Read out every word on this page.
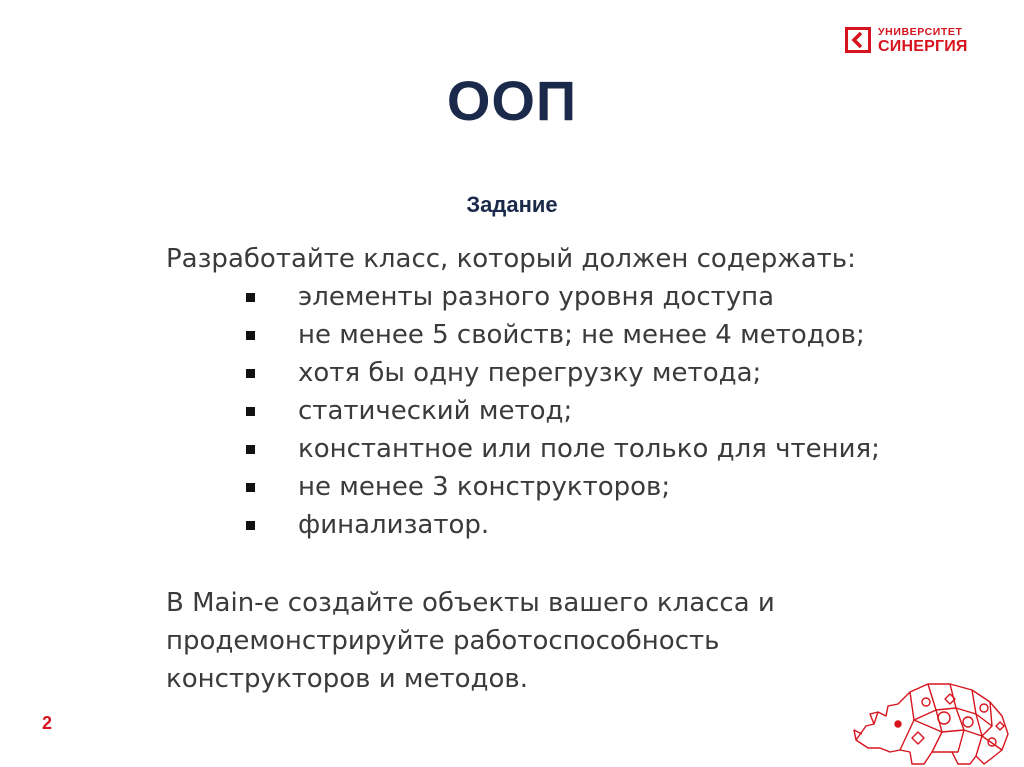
УНИВЕРСИТЕТ
СИНЕРГИЯ
ООП
Задание
Разработайте класс, который должен содержать:
элементы разного уровня доступа
не менее 5 свойств; не менее 4 методов;
хотя бы одну перегрузку метода;
статический метод;
константное или поле только для чтения;
не менее 3 конструкторов;
финализатор.
В Main-е создайте объекты вашего класса и
продемонстрируйте работоспособность
конструкторов и методов.
2
